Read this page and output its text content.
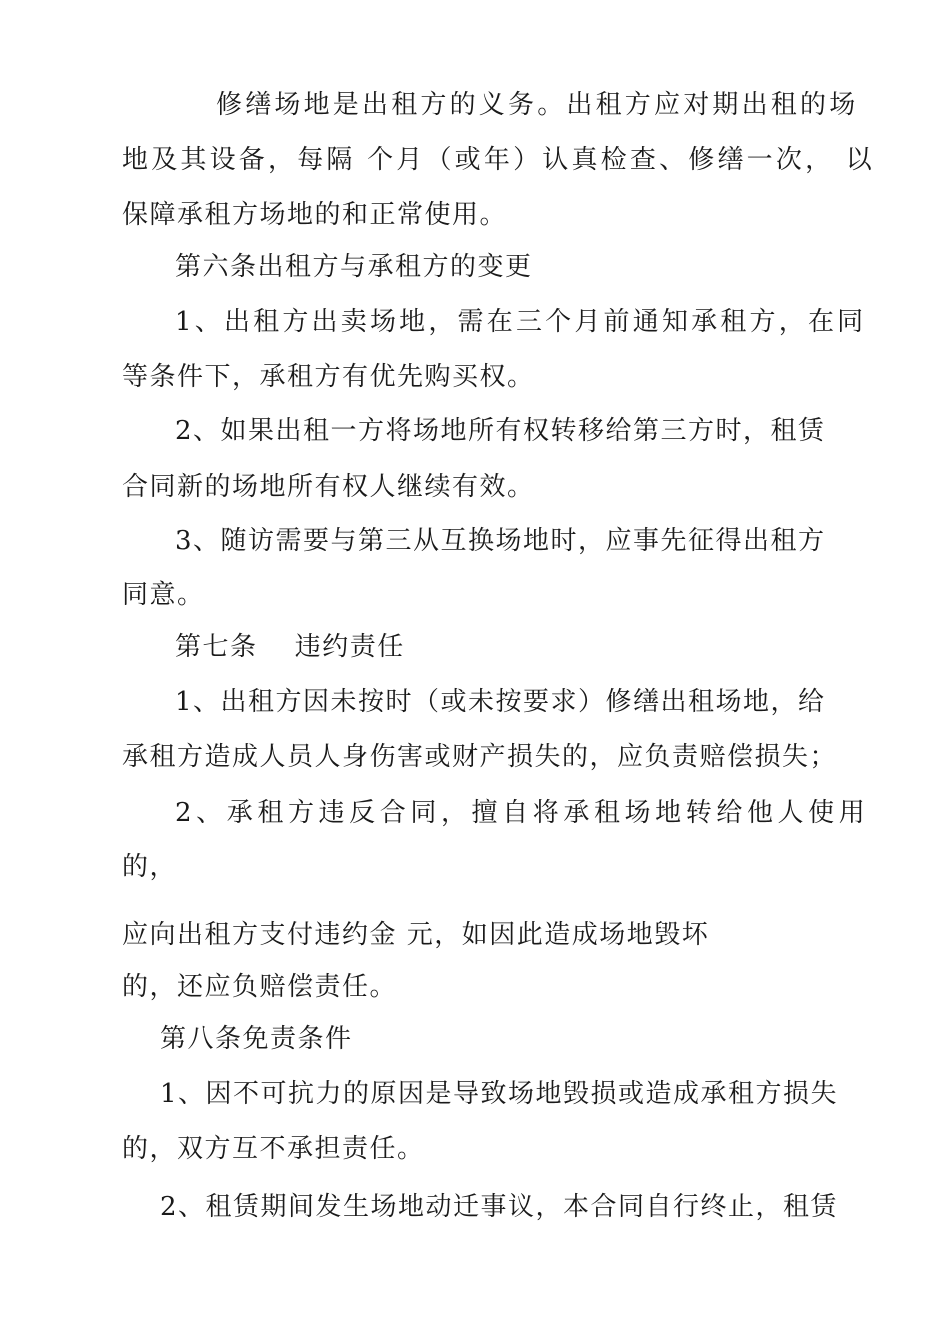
修缮场地是出租方的义务。出租方应对期出租的场
地及其设备，每隔 个月（或年）认真检查、修缮一次， 以
保障承租方场地的和正常使用。
第六条出租方与承租方的变更
1、出租方出卖场地，需在三个月前通知承租方，在同
等条件下，承租方有优先购买权。
2、如果出租一方将场地所有权转移给第三方时，租赁
合同新的场地所有权人继续有效。
3、随访需要与第三从互换场地时，应事先征得出租方
同意。
第七条　 违约责任
1、出租方因未按时（或未按要求）修缮出租场地，给
承租方造成人员人身伤害或财产损失的，应负责赔偿损失；
2、承租方违反合同，擅自将承租场地转给他人使用
的，
应向出租方支付违约金 元，如因此造成场地毁坏
的，还应负赔偿责任。
第八条免责条件
1、因不可抗力的原因是导致场地毁损或造成承租方损失
的，双方互不承担责任。
2、租赁期间发生场地动迁事议，本合同自行终止，租赁
